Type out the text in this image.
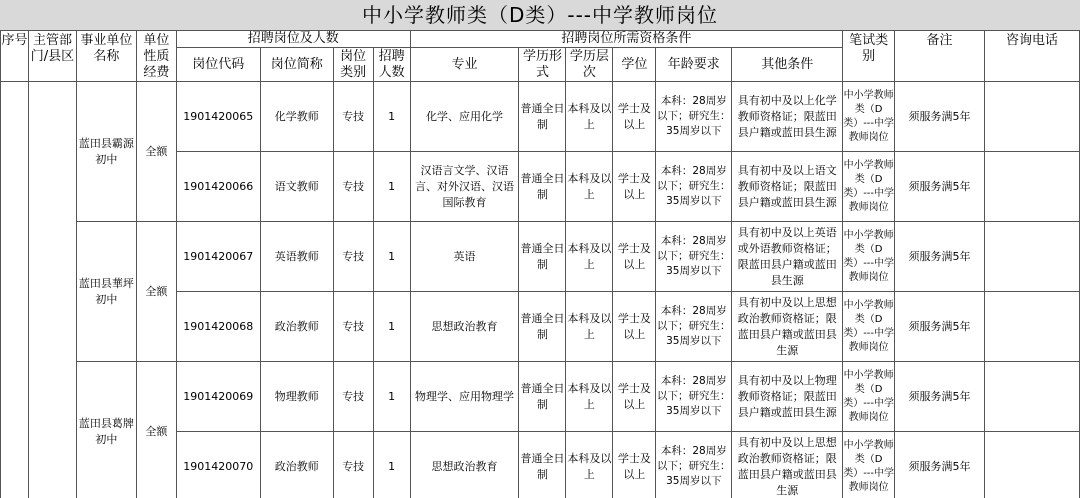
中小学教师类（D类）---中学教师岗位
序号	主管部门/县区	事业单位名称	单位性质经费	招聘岗位及人数				招聘岗位所需资格条件						笔试类别	备注	咨询电话
				岗位代码	岗位简称	岗位类别	招聘人数	专业	学历形式	学历层次	学位	年龄要求	其他条件			
		蓝田县霸源初中	全额	1901420065	化学教师	专技	1	化学、应用化学	普通全日制	本科及以上	学士及以上	本科：28周岁以下；研究生：35周岁以下	具有初中及以上化学教师资格证；限蓝田县户籍或蓝田县生源	中小学教师类（D类）---中学教师岗位	须服务满5年	
				1901420066	语文教师	专技	1	汉语言文学、汉语言、对外汉语、汉语国际教育	普通全日制	本科及以上	学士及以上	本科：28周岁以下；研究生：35周岁以下	具有初中及以上语文教师资格证；限蓝田县户籍或蓝田县生源	中小学教师类（D类）---中学教师岗位	须服务满5年	
		蓝田县華坪初中	全额	1901420067	英语教师	专技	1	英语	普通全日制	本科及以上	学士及以上	本科：28周岁以下；研究生：35周岁以下	具有初中及以上英语或外语教师资格证；限蓝田县户籍或蓝田县生源	中小学教师类（D类）---中学教师岗位	须服务满5年	
				1901420068	政治教师	专技	1	思想政治教育	普通全日制	本科及以上	学士及以上	本科：28周岁以下；研究生：35周岁以下	具有初中及以上思想政治教师资格证；限蓝田县户籍或蓝田县生源	中小学教师类（D类）---中学教师岗位	须服务满5年	
		蓝田县葛牌初中	全额	1901420069	物理教师	专技	1	物理学、应用物理学	普通全日制	本科及以上	学士及以上	本科：28周岁以下；研究生：35周岁以下	具有初中及以上物理教师资格证；限蓝田县户籍或蓝田县生源	中小学教师类（D类）---中学教师岗位	须服务满5年	
				1901420070	政治教师	专技	1	思想政治教育	普通全日制	本科及以上	学士及以上	本科：28周岁以下；研究生：35周岁以下	具有初中及以上思想政治教师资格证；限蓝田县户籍或蓝田县生源	中小学教师类（D类）---中学教师岗位	须服务满5年	
